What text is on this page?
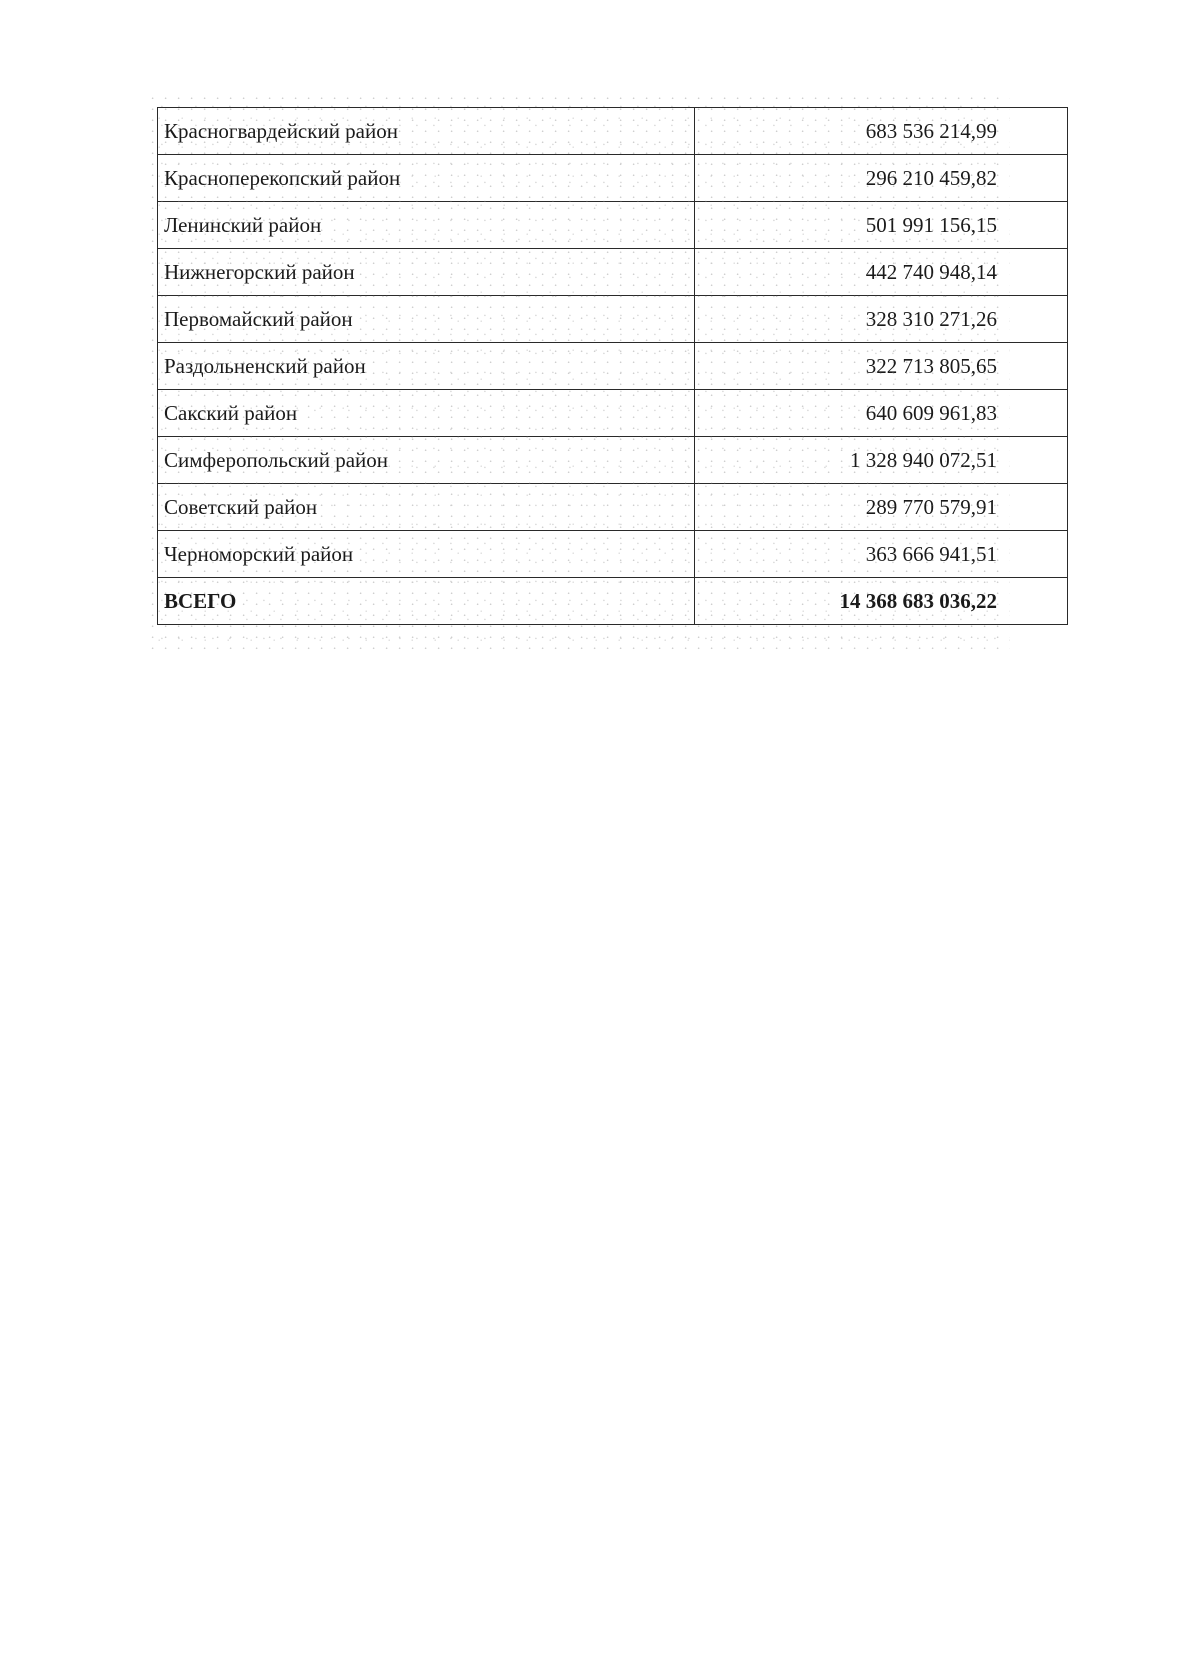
Красногвардейский район	683 536 214,99
Красноперекопский район	296 210 459,82
Ленинский район	501 991 156,15
Нижнегорский район	442 740 948,14
Первомайский район	328 310 271,26
Раздольненский район	322 713 805,65
Сакский район	640 609 961,83
Симферопольский район	1 328 940 072,51
Советский район	289 770 579,91
Черноморский район	363 666 941,51
ВСЕГО	14 368 683 036,22
